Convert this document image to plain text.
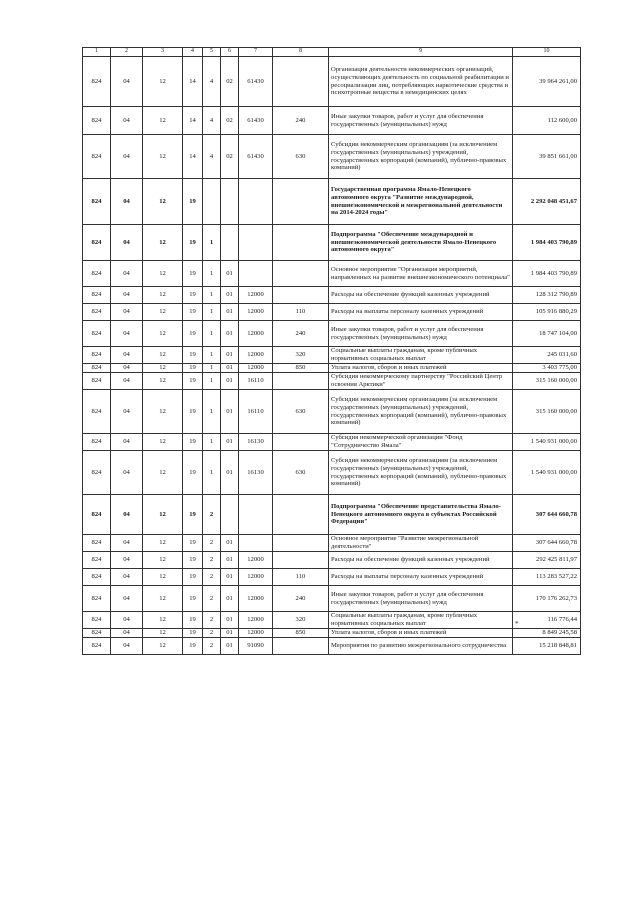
1	2	3	4	5	6	7	8	9	10
824	04	12	14	4	02	61430		Организация деятельности некоммерческих организаций, осуществляющих деятельность по социальной реабилитации и ресоциализации лиц, потребляющих наркотические средства и психотропные вещества в немедицинских целях	39 964 261,00
824	04	12	14	4	02	61430	240	Иные закупки товаров, работ и услуг для обеспечения государственных (муниципальных) нужд	112 600,00
824	04	12	14	4	02	61430	630	Субсидии некоммерческим организациям (за исключением государственных (муниципальных) учреждений, государственных корпораций (компаний), публично-правовых компаний)	39 851 661,00
824	04	12	19					Государственная программа Ямало-Ненецкого автономного округа "Развитие международной, внешнеэкономической и межрегиональной деятельности на 2014-2024 годы"	2 292 048 451,67
824	04	12	19	1				Подпрограмма "Обеспечение международной и внешнеэкономической деятельности Ямало-Ненецкого автономного округа"	1 984 403 790,89
824	04	12	19	1	01			Основное мероприятие "Организация мероприятий, направленных на развитие внешнеэкономического потенциала"	1 984 403 790,89
824	04	12	19	1	01	12000		Расходы на обеспечение функций казенных учреждений	128 312 790,89
824	04	12	19	1	01	12000	110	Расходы на выплаты персоналу казенных учреждений	105 916 880,29
824	04	12	19	1	01	12000	240	Иные закупки товаров, работ и услуг для обеспечения государственных (муниципальных) нужд	18 747 104,00
824	04	12	19	1	01	12000	320	Социальные выплаты гражданам, кроме публичных нормативных социальных выплат	245 031,60
824	04	12	19	1	01	12000	850	Уплата налогов, сборов и иных платежей	3 403 775,00
824	04	12	19	1	01	16110		Субсидия некоммерческому партнерству "Российский Центр освоения Арктики"	315 160 000,00
824	04	12	19	1	01	16110	630	Субсидии некоммерческим организациям (за исключением государственных (муниципальных) учреждений, государственных корпораций (компаний), публично-правовых компаний)	315 160 000,00
824	04	12	19	1	01	16130		Субсидия некоммерческой организации "Фонд "Сотрудничество Ямала"	1 540 931 000,00
824	04	12	19	1	01	16130	630	Субсидии некоммерческим организациям (за исключением государственных (муниципальных) учреждений, государственных корпораций (компаний), публично-правовых компаний)	1 540 931 000,00
824	04	12	19	2				Подпрограмма "Обеспечение представительства Ямало-Ненецкого автономного округа в субъектах Российской Федерации"	307 644 660,78
824	04	12	19	2	01			Основное мероприятие "Развитие межрегиональной деятельности"	307 644 660,78
824	04	12	19	2	01	12000		Расходы на обеспечение функций казенных учреждений	292 425 811,97
824	04	12	19	2	01	12000	110	Расходы на выплаты персоналу казенных учреждений	113 283 527,22
824	04	12	19	2	01	12000	240	Иные закупки товаров, работ и услуг для обеспечения государственных (муниципальных) нужд	170 176 262,73
824	04	12	19	2	01	12000	320	Социальные выплаты гражданам, кроме публичных нормативных социальных выплат	116 776,44
824	04	12	19	2	01	12000	850	Уплата налогов, сборов и иных платежей	8 849 245,58
824	04	12	19	2	01	91090		Мероприятия по развитию межрегионального сотрудничества	15 218 848,81
*
